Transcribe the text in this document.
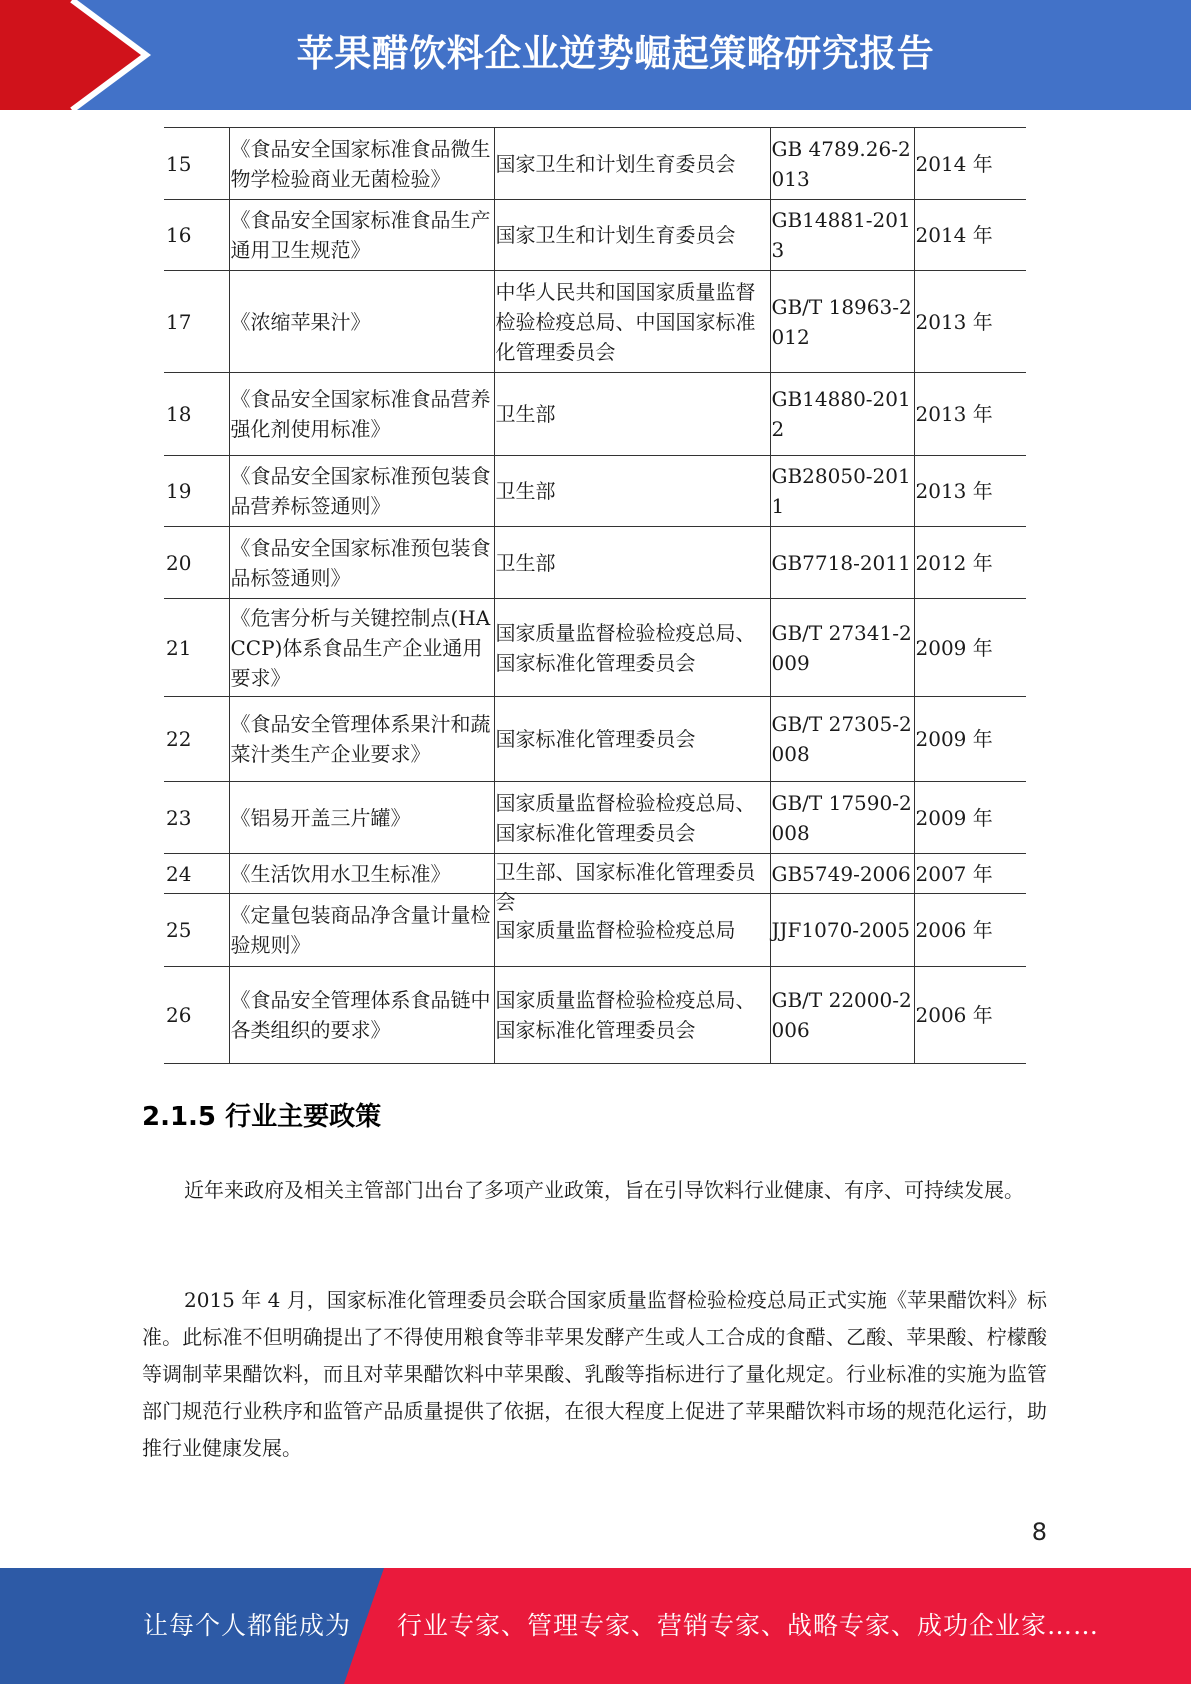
苹果醋饮料企业逆势崛起策略研究报告
15	《食品安全国家标准食品微生物学检验商业无菌检验》	国家卫生和计划生育委员会	GB 4789.26-2013	2014 年
16	《食品安全国家标准食品生产通用卫生规范》	国家卫生和计划生育委员会	GB14881-2013	2014 年
17	《浓缩苹果汁》	中华人民共和国国家质量监督检验检疫总局、中国国家标准化管理委员会	GB/T 18963-2012	2013 年
18	《食品安全国家标准食品营养强化剂使用标准》	卫生部	GB14880-2012	2013 年
19	《食品安全国家标准预包装食品营养标签通则》	卫生部	GB28050-2011	2013 年
20	《食品安全国家标准预包装食品标签通则》	卫生部	GB7718-2011	2012 年
21	《危害分析与关键控制点(HACCP)体系食品生产企业通用要求》	国家质量监督检验检疫总局、国家标准化管理委员会	GB/T 27341-2009	2009 年
22	《食品安全管理体系果汁和蔬菜汁类生产企业要求》	国家标准化管理委员会	GB/T 27305-2008	2009 年
23	《铝易开盖三片罐》	国家质量监督检验检疫总局、国家标准化管理委员会	GB/T 17590-2008	2009 年
24	《生活饮用水卫生标准》	卫生部、国家标准化管理委员会	GB5749-2006	2007 年
25	《定量包装商品净含量计量检验规则》	国家质量监督检验检疫总局	JJF1070-2005	2006 年
26	《食品安全管理体系食品链中各类组织的要求》	国家质量监督检验检疫总局、国家标准化管理委员会	GB/T 22000-2006	2006 年
2.1.5 行业主要政策
近年来政府及相关主管部门出台了多项产业政策，旨在引导饮料行业健康、有序、可持续发展。
2015 年 4 月，国家标准化管理委员会联合国家质量监督检验检疫总局正式实施《苹果醋饮料》标准。此标准不但明确提出了不得使用粮食等非苹果发酵产生或人工合成的食醋、乙酸、苹果酸、柠檬酸等调制苹果醋饮料，而且对苹果醋饮料中苹果酸、乳酸等指标进行了量化规定。行业标准的实施为监管部门规范行业秩序和监管产品质量提供了依据，在很大程度上促进了苹果醋饮料市场的规范化运行，助推行业健康发展。
8
让每个人都能成为 行业专家、管理专家、营销专家、战略专家、成功企业家……
